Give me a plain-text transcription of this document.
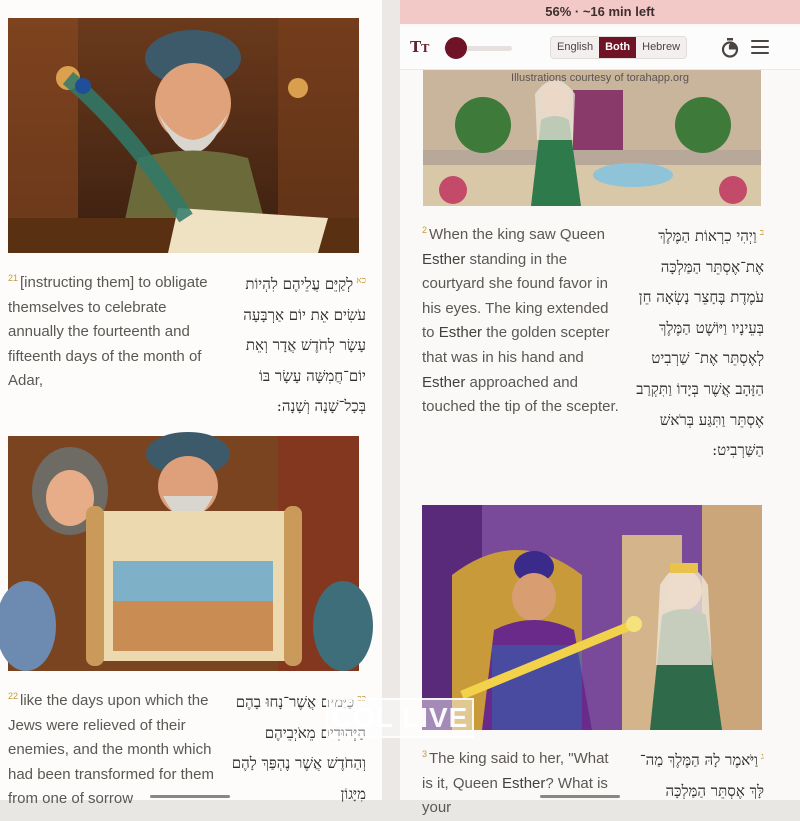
$^{21}$ [instructing them] to obligate themselves to celebrate annually the fourteenth and fifteenth days of the month of Adar,
$^{כא}$לְקַיֵּם עֲלֵיהֶם לִהְיוֹת עֹשִׂים אֵת יוֹם אַרְבָּעָה עָשָׂר לְחֹדֶשׁ אֲדָר וְאֵת יוֹם־חֲמִשָּׁה עָשָׂר בּוֹ בְּכָל־שָׁנָה וְשָׁנָה:
$^{22}$ like the days upon which the Jews were relieved of their enemies, and the month which had been transformed for them from one of sorrow
$^{כב}$כַּיָּמִים אֲשֶׁר־נָחוּ בָהֶם הַיְּהוּדִים מֵאֹיְבֵיהֶם וְהַחֹדֶשׁ אֲשֶׁר נֶהְפַּךְ לָהֶם מִיָּגוֹן
56% · ~16 min left
TT	English	Both	Hebrew
Illustrations courtesy of torahapp.org
$^2$ When the king saw Queen Esther standing in the courtyard she found favor in his eyes. The king extended to Esther the golden scepter that was in his hand and Esther approached and touched the tip of the scepter.
$^ב$וַיְהִי כִרְאוֹת הַמֶּלֶךְ אֶת־אֶסְתֵּר הַמַּלְכָּה עֹמֶדֶת בֶּחָצֵר נָשְׂאָה חֵן בְּעֵינָיו וַיּוֹשֶׁט הַמֶּלֶךְ לְאֶסְתֵּר אֶת־ שַׁרְבִיט הַזָּהָב אֲשֶׁר בְּיָדוֹ וַתִּקְרַב אֶסְתֵּר וַתִּגַּע בְּרֹאשׁ הַשַּׁרְבִיט:
$^3$ The king said to her, "What is it, Queen Esther? What is your
$^ג$וַיֹּאמֶר לָהּ הַמֶּלֶךְ מַה־ לָּךְ אֶסְתֵּר הַמַּלְכָּה
COL LIVE
